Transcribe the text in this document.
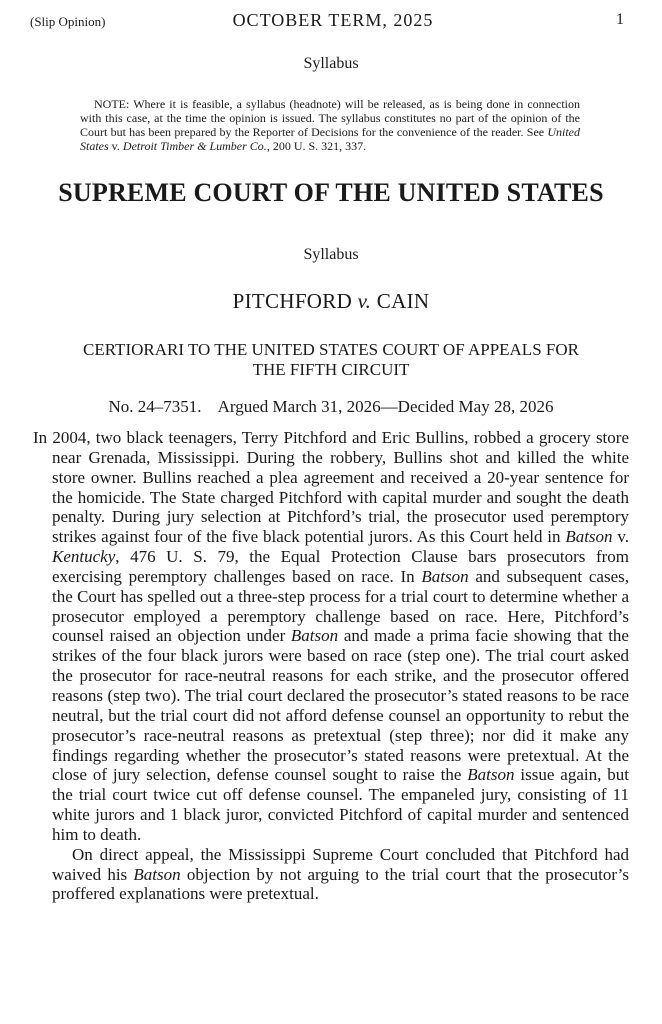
(Slip Opinion)	OCTOBER TERM, 2025	1
Syllabus

NOTE: Where it is feasible, a syllabus (headnote) will be released, as is being done in connection with this case, at the time the opinion is issued. The syllabus constitutes no part of the opinion of the Court but has been prepared by the Reporter of Decisions for the convenience of the reader. See United States v. Detroit Timber & Lumber Co., 200 U. S. 321, 337.

SUPREME COURT OF THE UNITED STATES
Syllabus
PITCHFORD v. CAIN
CERTIORARI TO THE UNITED STATES COURT OF APPEALS FOR
THE FIFTH CIRCUIT
No. 24–7351.    Argued March 31, 2026—Decided May 28, 2026

In 2004, two black teenagers, Terry Pitchford and Eric Bullins, robbed a grocery store near Grenada, Mississippi. During the robbery, Bullins shot and killed the white store owner. Bullins reached a plea agreement and received a 20-year sentence for the homicide. The State charged Pitchford with capital murder and sought the death penalty. During jury selection at Pitchford’s trial, the prosecutor used peremptory strikes against four of the five black potential jurors. As this Court held in Batson v. Kentucky, 476 U. S. 79, the Equal Protection Clause bars prosecutors from exercising peremptory challenges based on race. In Batson and subsequent cases, the Court has spelled out a three-step process for a trial court to determine whether a prosecutor employed a peremptory challenge based on race. Here, Pitchford’s counsel raised an objection under Batson and made a prima facie showing that the strikes of the four black jurors were based on race (step one). The trial court asked the prosecutor for race-neutral reasons for each strike, and the prosecutor offered reasons (step two). The trial court declared the prosecutor’s stated reasons to be race neutral, but the trial court did not afford defense counsel an opportunity to rebut the prosecutor’s race-neutral reasons as pretextual (step three); nor did it make any findings regarding whether the prosecutor’s stated reasons were pretextual. At the close of jury selection, defense counsel sought to raise the Batson issue again, but the trial court twice cut off defense counsel. The empaneled jury, consisting of 11 white jurors and 1 black juror, convicted Pitchford of capital murder and sentenced him to death.

On direct appeal, the Mississippi Supreme Court concluded that Pitchford had waived his Batson objection by not arguing to the trial court that the prosecutor’s proffered explanations were pretextual.
